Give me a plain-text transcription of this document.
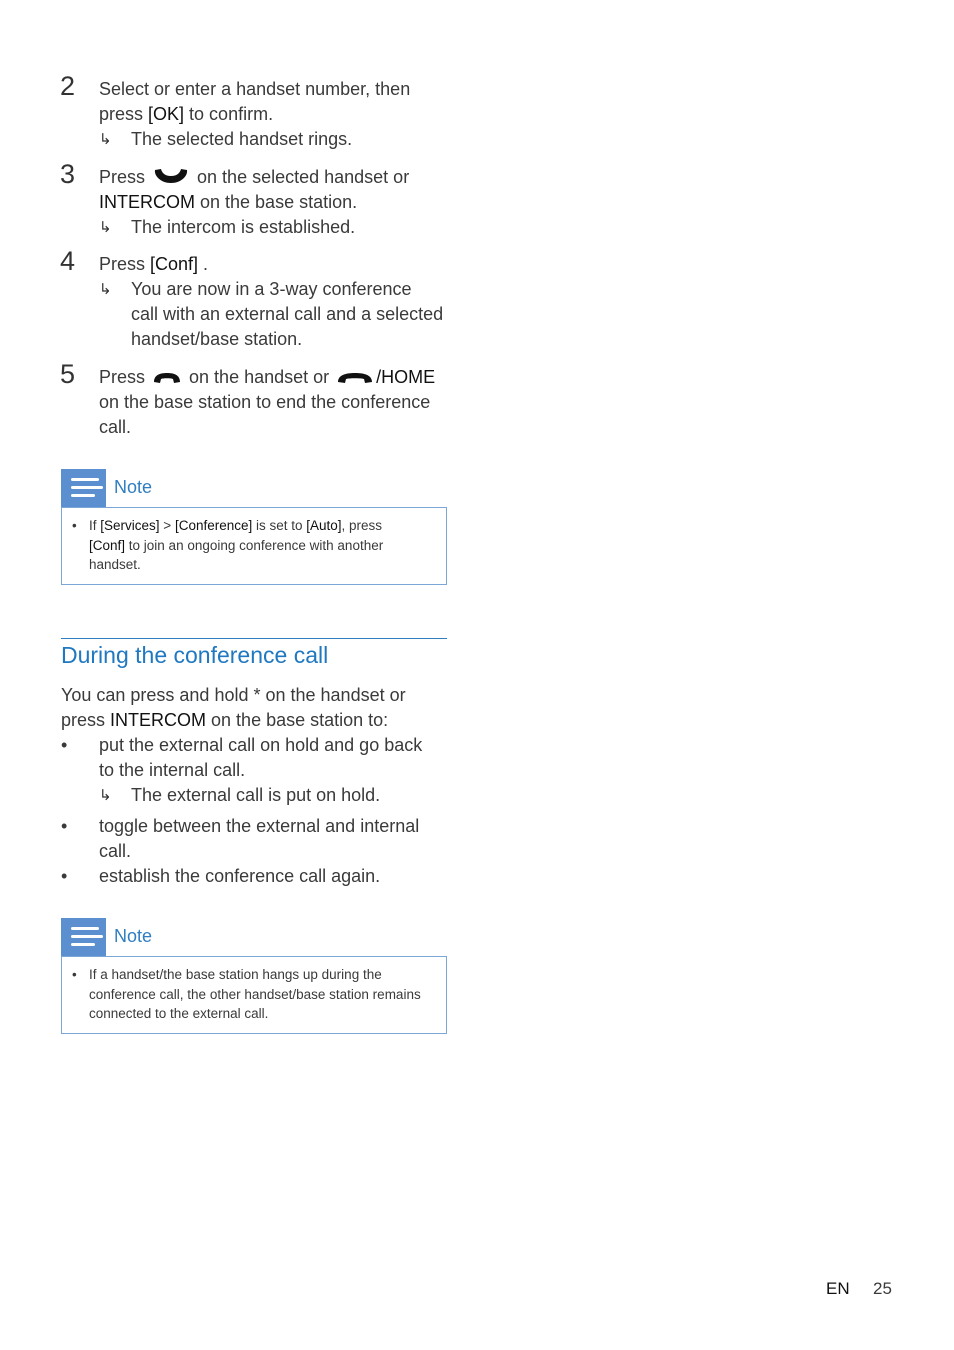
2 Select or enter a handset number, then
press [OK] to confirm.
↳ The selected handset rings.
3 Press	on the selected handset or
INTERCOM on the base station.
↳ The intercom is established.
4 Press [Conf] .
↳ You are now in a 3-way conference
call with an external call and a selected
handset/base station.
5 Press  on the handset or	/HOME
on the base station to end the conference
call.
Note
• If [Services] > [Conference] is set to [Auto], press
[Conf] to join an ongoing conference with another
handset.
During the conference call
You can press and hold * on the handset or
press INTERCOM on the base station to:
• put the external call on hold and go back
to the internal call.
↳ The external call is put on hold.
• toggle between the external and internal
call.
• establish the conference call again.
Note
• If a handset/the base station hangs up during the
conference call, the other handset/base station remains
connected to the external call.
EN 25
